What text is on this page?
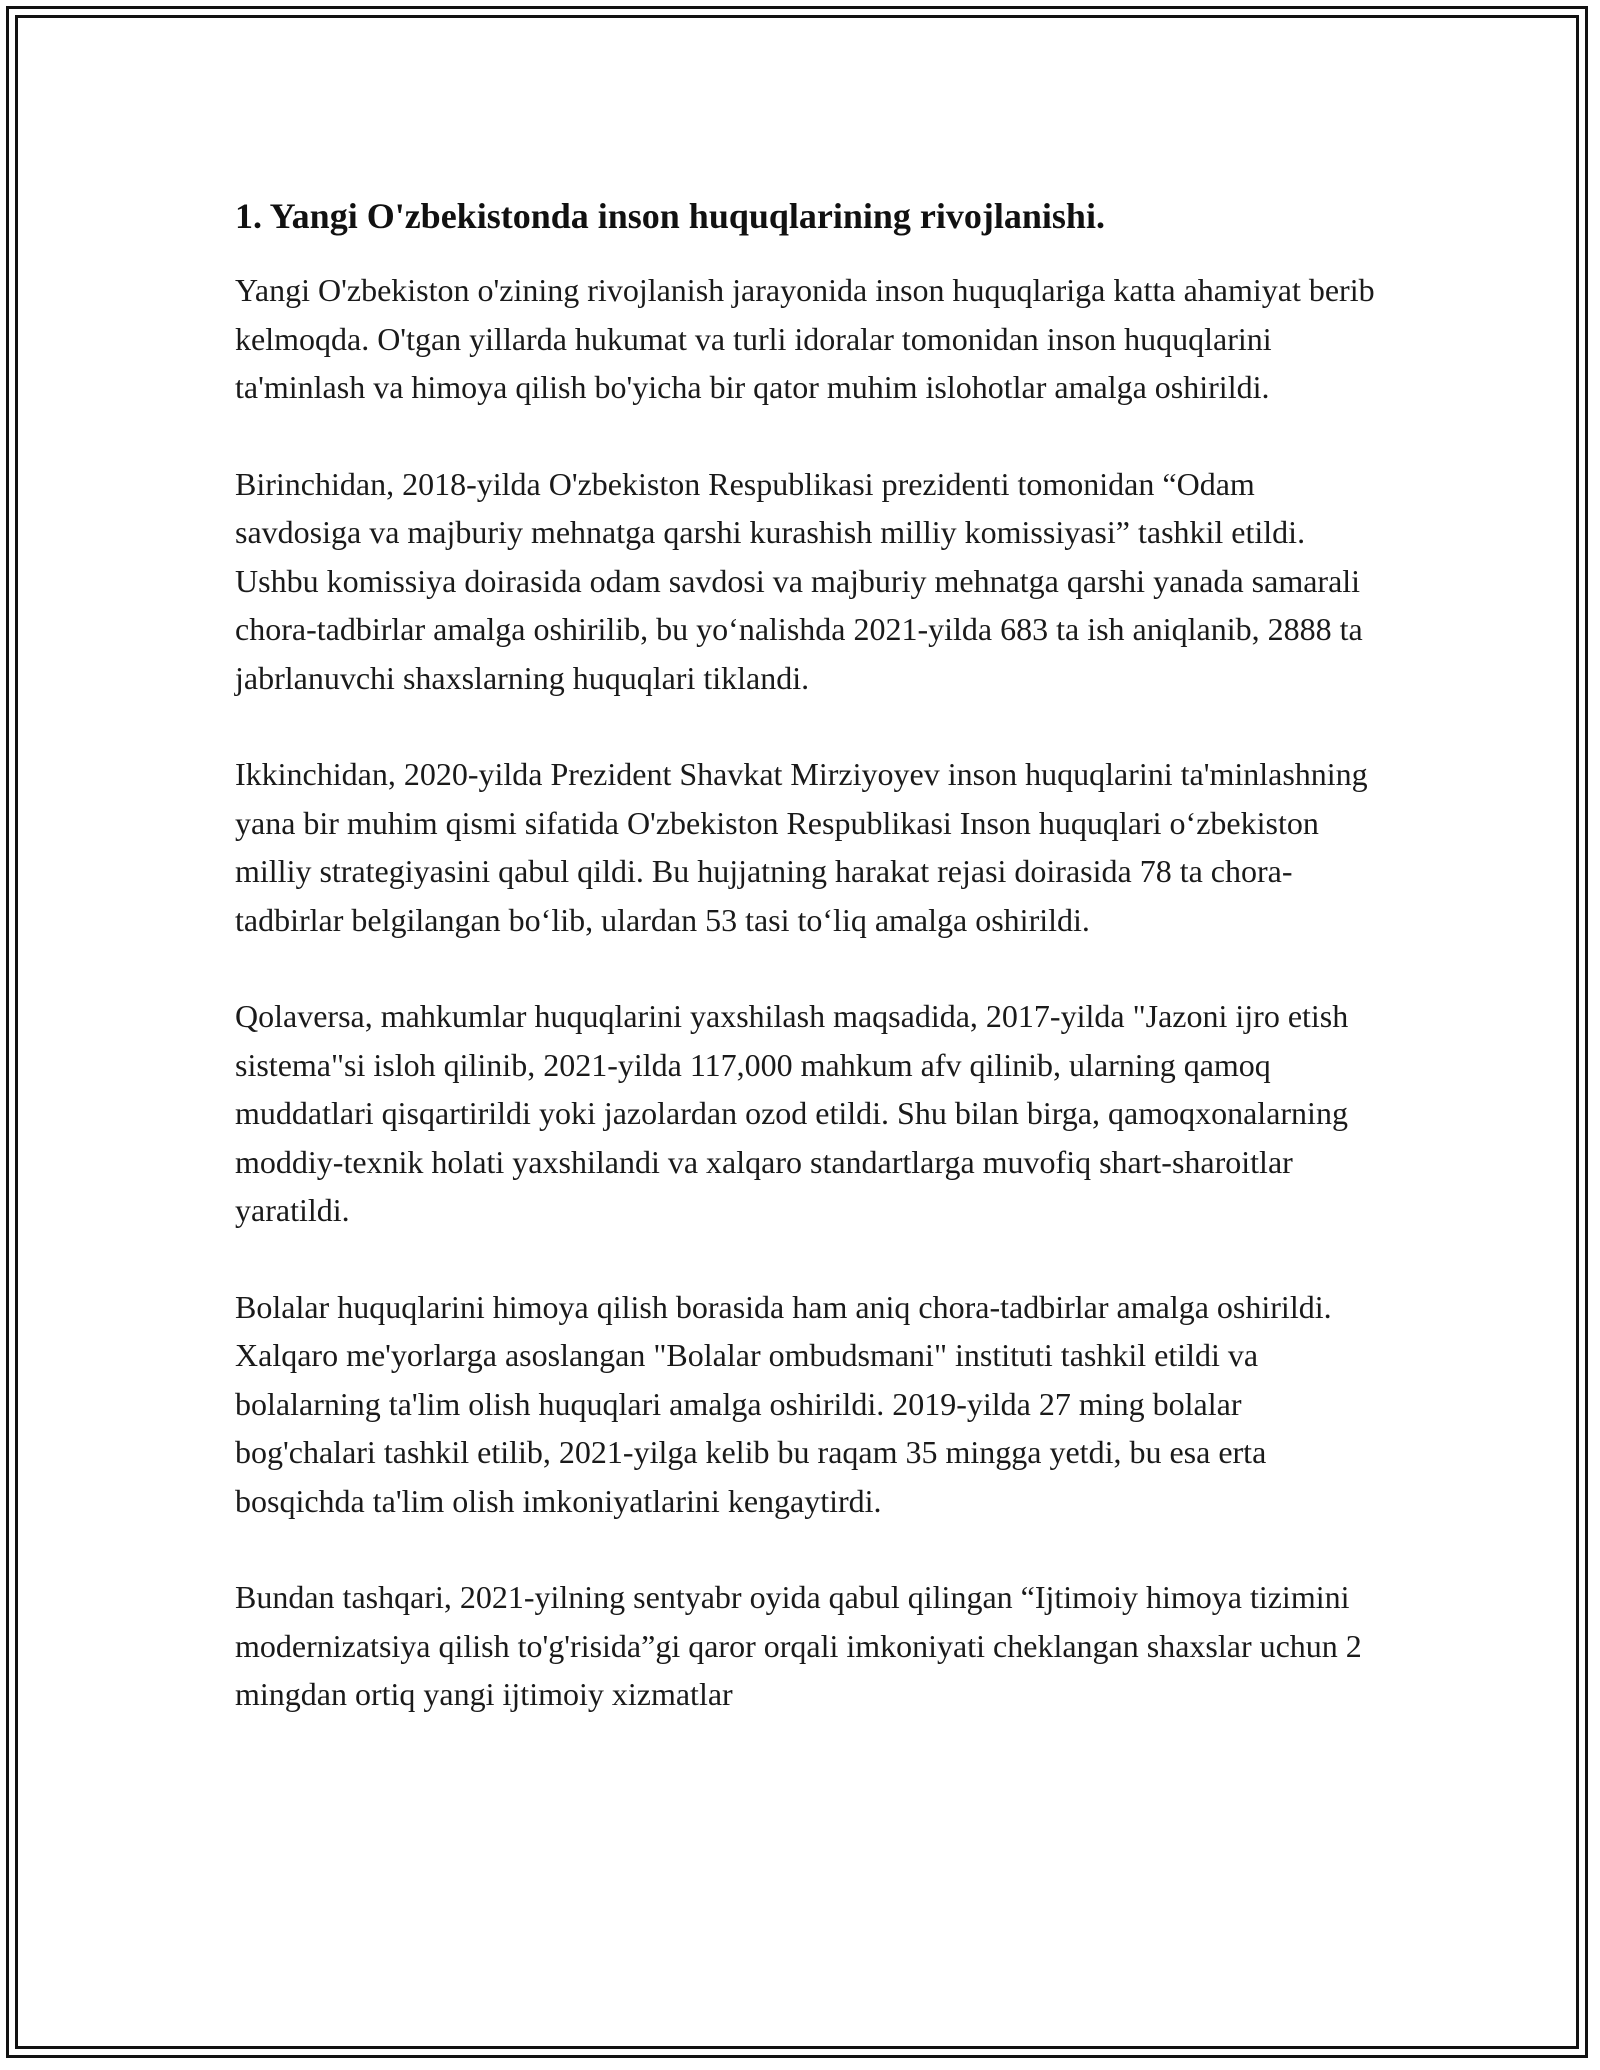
1. Yangi O'zbekistonda inson huquqlarining rivojlanishi.

Yangi O'zbekiston o'zining rivojlanish jarayonida inson huquqlariga katta ahamiyat berib kelmoqda. O'tgan yillarda hukumat va turli idoralar tomonidan inson huquqlarini ta'minlash va himoya qilish bo'yicha bir qator muhim islohotlar amalga oshirildi.

Birinchidan, 2018-yilda O'zbekiston Respublikasi prezidenti tomonidan “Odam savdosiga va majburiy mehnatga qarshi kurashish milliy komissiyasi” tashkil etildi. Ushbu komissiya doirasida odam savdosi va majburiy mehnatga qarshi yanada samarali chora-tadbirlar amalga oshirilib, bu yo‘nalishda 2021-yilda 683 ta ish aniqlanib, 2888 ta jabrlanuvchi shaxslarning huquqlari tiklandi.

Ikkinchidan, 2020-yilda Prezident Shavkat Mirziyoyev inson huquqlarini ta'minlashning yana bir muhim qismi sifatida O'zbekiston Respublikasi Inson huquqlari o‘zbekiston milliy strategiyasini qabul qildi. Bu hujjatning harakat rejasi doirasida 78 ta chora-tadbirlar belgilangan bo‘lib, ulardan 53 tasi to‘liq amalga oshirildi.

Qolaversa, mahkumlar huquqlarini yaxshilash maqsadida, 2017-yilda "Jazoni ijro etish sistema"si isloh qilinib, 2021-yilda 117,000 mahkum afv qilinib, ularning qamoq muddatlari qisqartirildi yoki jazolardan ozod etildi. Shu bilan birga, qamoqxonalarning moddiy-texnik holati yaxshilandi va xalqaro standartlarga muvofiq shart-sharoitlar yaratildi.

Bolalar huquqlarini himoya qilish borasida ham aniq chora-tadbirlar amalga oshirildi. Xalqaro me'yorlarga asoslangan "Bolalar ombudsmani" instituti tashkil etildi va bolalarning ta'lim olish huquqlari amalga oshirildi. 2019-yilda 27 ming bolalar bog'chalari tashkil etilib, 2021-yilga kelib bu raqam 35 mingga yetdi, bu esa erta bosqichda ta'lim olish imkoniyatlarini kengaytirdi.

Bundan tashqari, 2021-yilning sentyabr oyida qabul qilingan “Ijtimoiy himoya tizimini modernizatsiya qilish to'g'risida”gi qaror orqali imkoniyati cheklangan shaxslar uchun 2 mingdan ortiq yangi ijtimoiy xizmatlar
